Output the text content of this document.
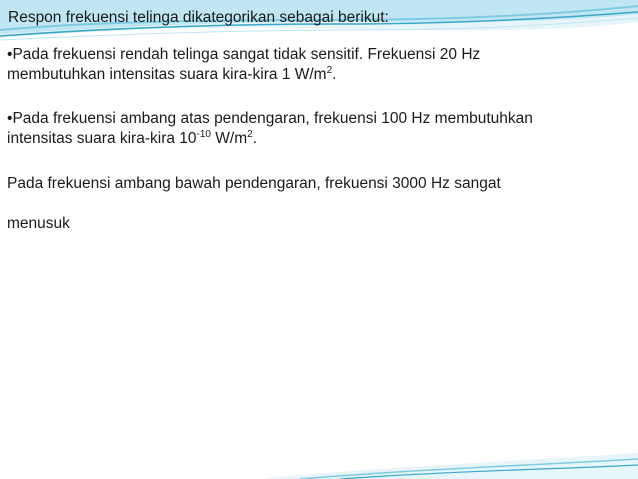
Respon frekuensi telinga dikategorikan sebagai berikut:

•Pada frekuensi rendah telinga sangat tidak sensitif. Frekuensi 20 Hz
membutuhkan intensitas suara kira-kira 1 $W/m^2$.

•Pada frekuensi ambang atas pendengaran, frekuensi 100 Hz membutuhkan
intensitas suara kira-kira $10^{-10}$ $W/m^2$.

Pada frekuensi ambang bawah pendengaran, frekuensi 3000 Hz sangat

menusuk
